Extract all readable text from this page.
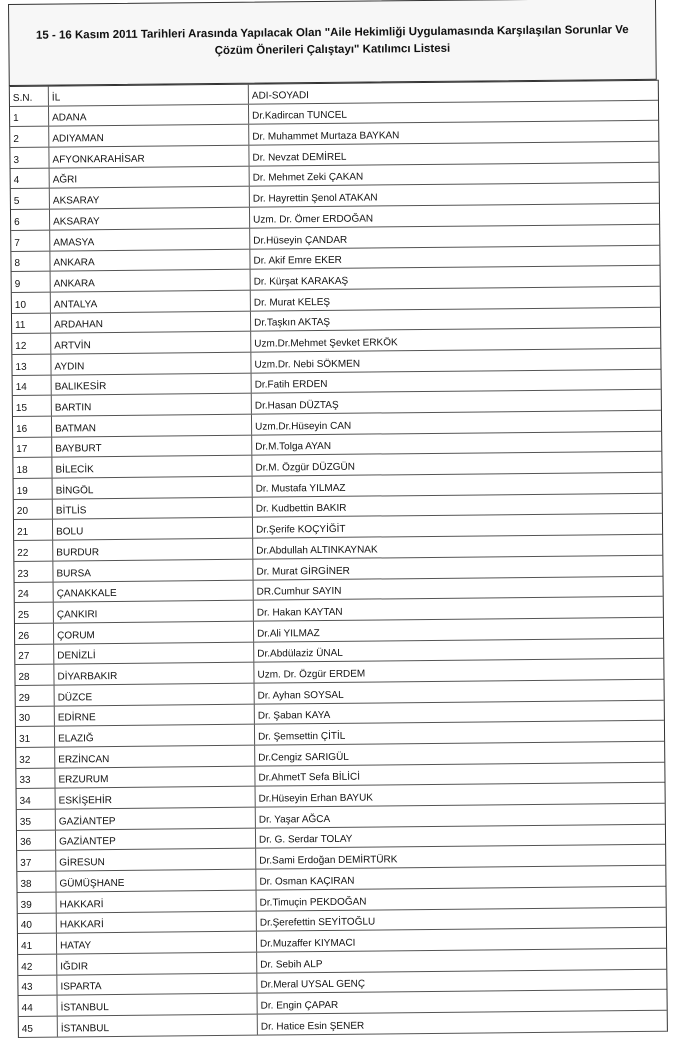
15 - 16 Kasım 2011 Tarihleri Arasında Yapılacak Olan "Aile Hekimliği Uygulamasında Karşılaşılan Sorunlar Ve Çözüm Önerileri Çalıştayı" Katılımcı Listesi
S.N.	İL	ADI-SOYADI
1	ADANA	Dr.Kadircan TUNCEL
2	ADIYAMAN	Dr. Muhammet Murtaza BAYKAN
3	AFYONKARAHİSAR	Dr. Nevzat DEMİREL
4	AĞRI	Dr. Mehmet Zeki ÇAKAN
5	AKSARAY	Dr. Hayrettin Şenol ATAKAN
6	AKSARAY	Uzm. Dr. Ömer ERDOĞAN
7	AMASYA	Dr.Hüseyin ÇANDAR
8	ANKARA	Dr. Akif Emre EKER
9	ANKARA	Dr. Kürşat KARAKAŞ
10	ANTALYA	Dr. Murat KELEŞ
11	ARDAHAN	Dr.Taşkın AKTAŞ
12	ARTVİN	Uzm.Dr.Mehmet Şevket ERKÖK
13	AYDIN	Uzm.Dr. Nebi SÖKMEN
14	BALIKESİR	Dr.Fatih ERDEN
15	BARTIN	Dr.Hasan DÜZTAŞ
16	BATMAN	Uzm.Dr.Hüseyin CAN
17	BAYBURT	Dr.M.Tolga AYAN
18	BİLECİK	Dr.M. Özgür DÜZGÜN
19	BİNGÖL	Dr. Mustafa YILMAZ
20	BİTLİS	Dr. Kudbettin BAKIR
21	BOLU	Dr.Şerife KOÇYİĞİT
22	BURDUR	Dr.Abdullah ALTINKAYNAK
23	BURSA	Dr. Murat GİRGİNER
24	ÇANAKKALE	DR.Cumhur SAYIN
25	ÇANKIRI	Dr. Hakan KAYTAN
26	ÇORUM	Dr.Ali YILMAZ
27	DENİZLİ	Dr.Abdülaziz ÜNAL
28	DİYARBAKIR	Uzm. Dr. Özgür ERDEM
29	DÜZCE	Dr. Ayhan SOYSAL
30	EDİRNE	Dr. Şaban KAYA
31	ELAZIĞ	Dr. Şemsettin ÇİTİL
32	ERZİNCAN	Dr.Cengiz SARIGÜL
33	ERZURUM	Dr.AhmetT Sefa BİLİCİ
34	ESKİŞEHİR	Dr.Hüseyin Erhan BAYUK
35	GAZİANTEP	Dr. Yaşar AĞCA
36	GAZİANTEP	Dr. G. Serdar TOLAY
37	GİRESUN	Dr.Sami Erdoğan DEMİRTÜRK
38	GÜMÜŞHANE	Dr. Osman KAÇIRAN
39	HAKKARİ	Dr.Timuçin PEKDOĞAN
40	HAKKARİ	Dr.Şerefettin SEYİTOĞLU
41	HATAY	Dr.Muzaffer KIYMACI
42	IĞDIR	Dr. Sebih ALP
43	ISPARTA	Dr.Meral UYSAL GENÇ
44	İSTANBUL	Dr. Engin ÇAPAR
45	İSTANBUL	Dr. Hatice Esin ŞENER
